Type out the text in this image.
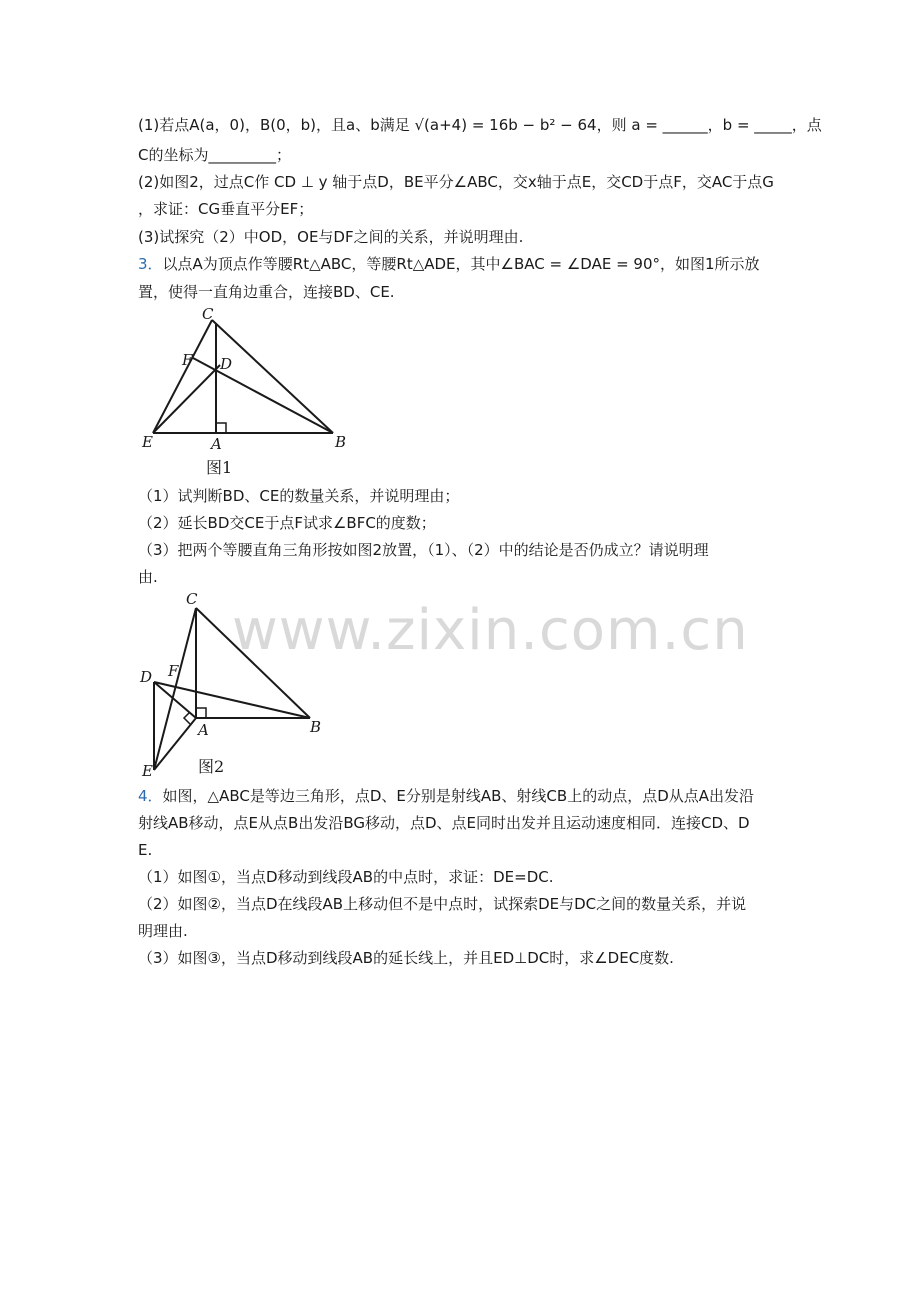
(1)若点A(a，0)，B(0，b)，且a、b满足 √(a+4) = 16b − b² − 64，则 a = ______，b = _____，点
C的坐标为_________；
(2)如图2，过点C作 CD ⊥ y 轴于点D，BE平分∠ABC，交x轴于点E，交CD于点F，交AC于点G
，求证：CG垂直平分EF；
(3)试探究（2）中OD，OE与DF之间的关系，并说明理由.
3．以点A为顶点作等腰Rt△ABC，等腰Rt△ADE，其中∠BAC = ∠DAE = 90°，如图1所示放
置，使得一直角边重合，连接BD、CE.
C
F D
E	A	B
图1
（1）试判断BD、CE的数量关系，并说明理由；
（2）延长BD交CE于点F试求∠BFC的度数；
（3）把两个等腰直角三角形按如图2放置，（1）、（2）中的结论是否仍成立？请说明理
由.
C
D F
A	B
E	图2
www.zixin.com.cn
4．如图，△ABC是等边三角形，点D、E分别是射线AB、射线CB上的动点，点D从点A出发沿
射线AB移动，点E从点B出发沿BG移动，点D、点E同时出发并且运动速度相同．连接CD、D
E.
（1）如图①，当点D移动到线段AB的中点时，求证：DE=DC.
（2）如图②，当点D在线段AB上移动但不是中点时，试探索DE与DC之间的数量关系，并说
明理由.
（3）如图③，当点D移动到线段AB的延长线上，并且ED⊥DC时，求∠DEC度数.
